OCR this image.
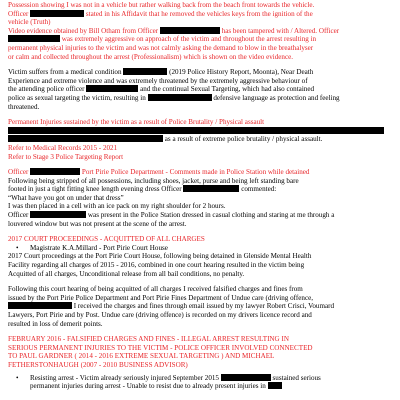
Possession showing I was not in a vehicle but rather walking back from the beach front towards the vehicle.

Officer	stated in his Affidavit that he removed the vehicles keys from the ignition of the

vehicle (Truth)

Video evidence obtained by Bill Otham from Officer	has been tampered with / Altered. Officer

was extremely aggressive on approach of the victim and throughout the arrest resulting in

permanent physical injuries to the victim and was not calmly asking the demand to blow in the breathalyser

or calm and collected throughout the arrest (Professionalism) which is shown on the video evidence.

Victim suffers from a medical condition	(2019 Police History Report, Moonta), Near Death

Experience and extreme violence and was extremely threatened by the extremely aggressive behaviour of

the attending police officer	and the continual Sexual Targeting, which had also contained

police as sexual targeting the victim, resulting in	defensive language as protection and feeling

threatened.

Permanent Injuries sustained by the victim as a result of Police Brutality / Physical assault

as a result of extreme police brutality / physical assault.

Refer to Medical Records 2015 - 2021

Refer to Stage 3 Police Targeting Report

Officer	Port Pirie Police Department - Comments made in Police Station while detained

Following being stripped of all possessions, including shoes, jacket, purse and being left standing bare

footed in just a tight fitting knee length evening dress Officer	commented:

“What have you got on under that dress”

I was then placed in a cell with an ice pack on my right shoulder for 2 hours.

Officer	was present in the Police Station dressed in casual clothing and staring at me through a

louvered window but was not present at the scene of the arrest.

2017 COURT PROCEEDINGS - ACQUITTED OF ALL CHARGES

•	Magistrate K.A.Millard - Port Pirie Court House

2017 Court proceedings at the Port Pirie Court House, following being detained in Glenside Mental Health

Facility regarding all charges of 2015 - 2016, combined in one court hearing resulted in the victim being

Acquitted of all charges, Unconditional release from all bail conditions, no penalty.

Following this court hearing of being acquitted of all charges I received falsified charges and fines from

issued by the Port Pirie Police Department and Port Pirie Fines Department of Undue care (driving offence,

I received the charges and fines through email issued by my lawyer Robert Crisci, Voumard

Lawyers, Port Pirie and by Post. Undue care (driving offence) is recorded on my drivers licence record and

resulted in loss of demerit points.

FEBRUARY 2016 - FALSIFIED CHARGES AND FINES - ILLEGAL ARREST RESULTING IN

SERIOUS PERMANENT INJURIES TO THE VICTIM - POLICE OFFICER INVOLVED CONNECTED

TO PAUL GARDNER ( 2014 - 2016 EXTREME SEXUAL TARGETING ) AND MICHAEL

FETHERSTONHAUGH (2007 - 2010 BUSINESS ADVISOR)

•	Resisting arrest - Victim already seriously injured September 2015	sustained serious
permanent injuries during arrest - Unable to resist due to already present injuries in
